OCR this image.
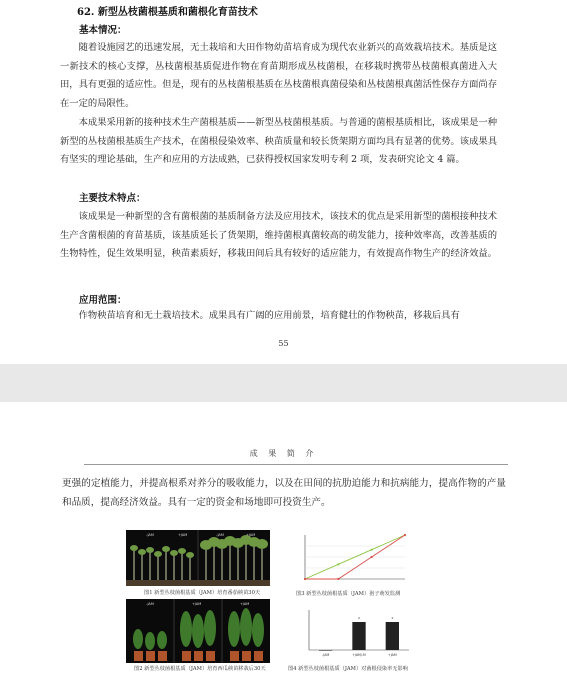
62. 新型丛枝菌根基质和菌根化育苗技术
基本情况：
随着设施园艺的迅速发展，无土栽培和大田作物幼苗培育成为现代农业新兴的高效栽培技术。基质是这一新技术的核心支撑，丛枝菌根基质促进作物在育苗期形成丛枝菌根，在移栽时携带丛枝菌根真菌进入大田，具有更强的适应性。但是，现有的丛枝菌根基质在丛枝菌根真菌侵染和丛枝菌根真菌活性保存方面尚存在一定的局限性。
本成果采用新的接种技术生产菌根基质——新型丛枝菌根基质。与普通的菌根基质相比，该成果是一种新型的丛枝菌根基质生产技术，在菌根侵染效率、秧苗质量和较长货架期方面均具有显著的优势。该成果具有坚实的理论基础，生产和应用的方法成熟，已获得授权国家发明专利 2 项，发表研究论文 4 篇。
主要技术特点：
该成果是一种新型的含有菌根菌的基质制备方法及应用技术，该技术的优点是采用新型的菌根接种技术生产含菌根菌的育苗基质，该基质延长了货架期，维持菌根真菌较高的萌发能力，接种效率高，改善基质的生物特性，促生效果明显，秧苗素质好，移栽田间后具有较好的适应能力，有效提高作物生产的经济效益。
应用范围：
作物秧苗培育和无土栽培技术。成果具有广阔的应用前景，培育健壮的作物秧苗，移栽后具有
55
成 果 简 介
更强的定植能力，并提高根系对养分的吸收能力，以及在田间的抗肋迫能力和抗病能力，提高作物的产量和品质，提高经济效益。具有一定的资金和场地即可投资生产。
-JAM	+JAM	-JAM	+JAM
图1 新型丛枝菌根基质（JAM）培育番茄秧苗30天
-JAM	+JAM	+JAM
图2 新型丛枝菌根基质（JAM）培育西瓜秧苗移栽后30天
图3 新型丛枝菌根基质（JAM）孢子萌发监测
-JAM	+JAM/-M	+JAM
*	*
图4 新型丛枝菌根基质（JAM）对菌根侵染率无影响
